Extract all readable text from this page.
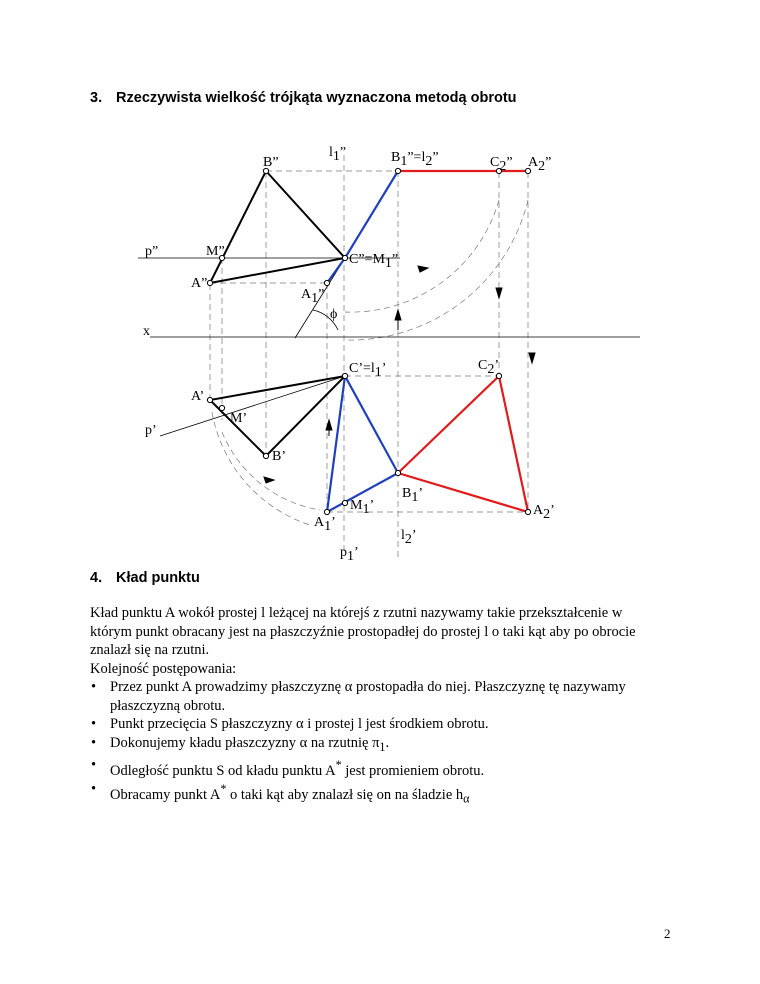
3. Rzeczywista wielkość trójkąta wyznaczona metodą obrotu
l1”
B”	B1”=l2”	C2” A2”
p”	M”
C”=M1”
A”
A1”
ϕ
x
C’=l1’	C2’
A’
M’
p’
B’
B1’
M1’	A2’
A1’
l2’
p1’
4. Kład punktu

Kład punktu A wokół prostej l leżącej na którejś z rzutni nazywamy takie przekształcenie w

którym punkt obracany jest na płaszczyźnie prostopadłej do prostej l o taki kąt aby po obrocie

znalazł się na rzutni.

Kolejność postępowania:

• Przez punkt A prowadzimy płaszczyznę α prostopadła do niej. Płaszczyznę tę nazywamy
płaszczyzną obrotu.
• Punkt przecięcia S płaszczyzny α i prostej l jest środkiem obrotu.
• Dokonujemy kładu płaszczyzny α na rzutnię $\pi_1$.
• Odległość punktu S od kładu punktu A* jest promieniem obrotu.
• Obracamy punkt A* o taki kąt aby znalazł się on na śladzie $h_\alpha$
2
